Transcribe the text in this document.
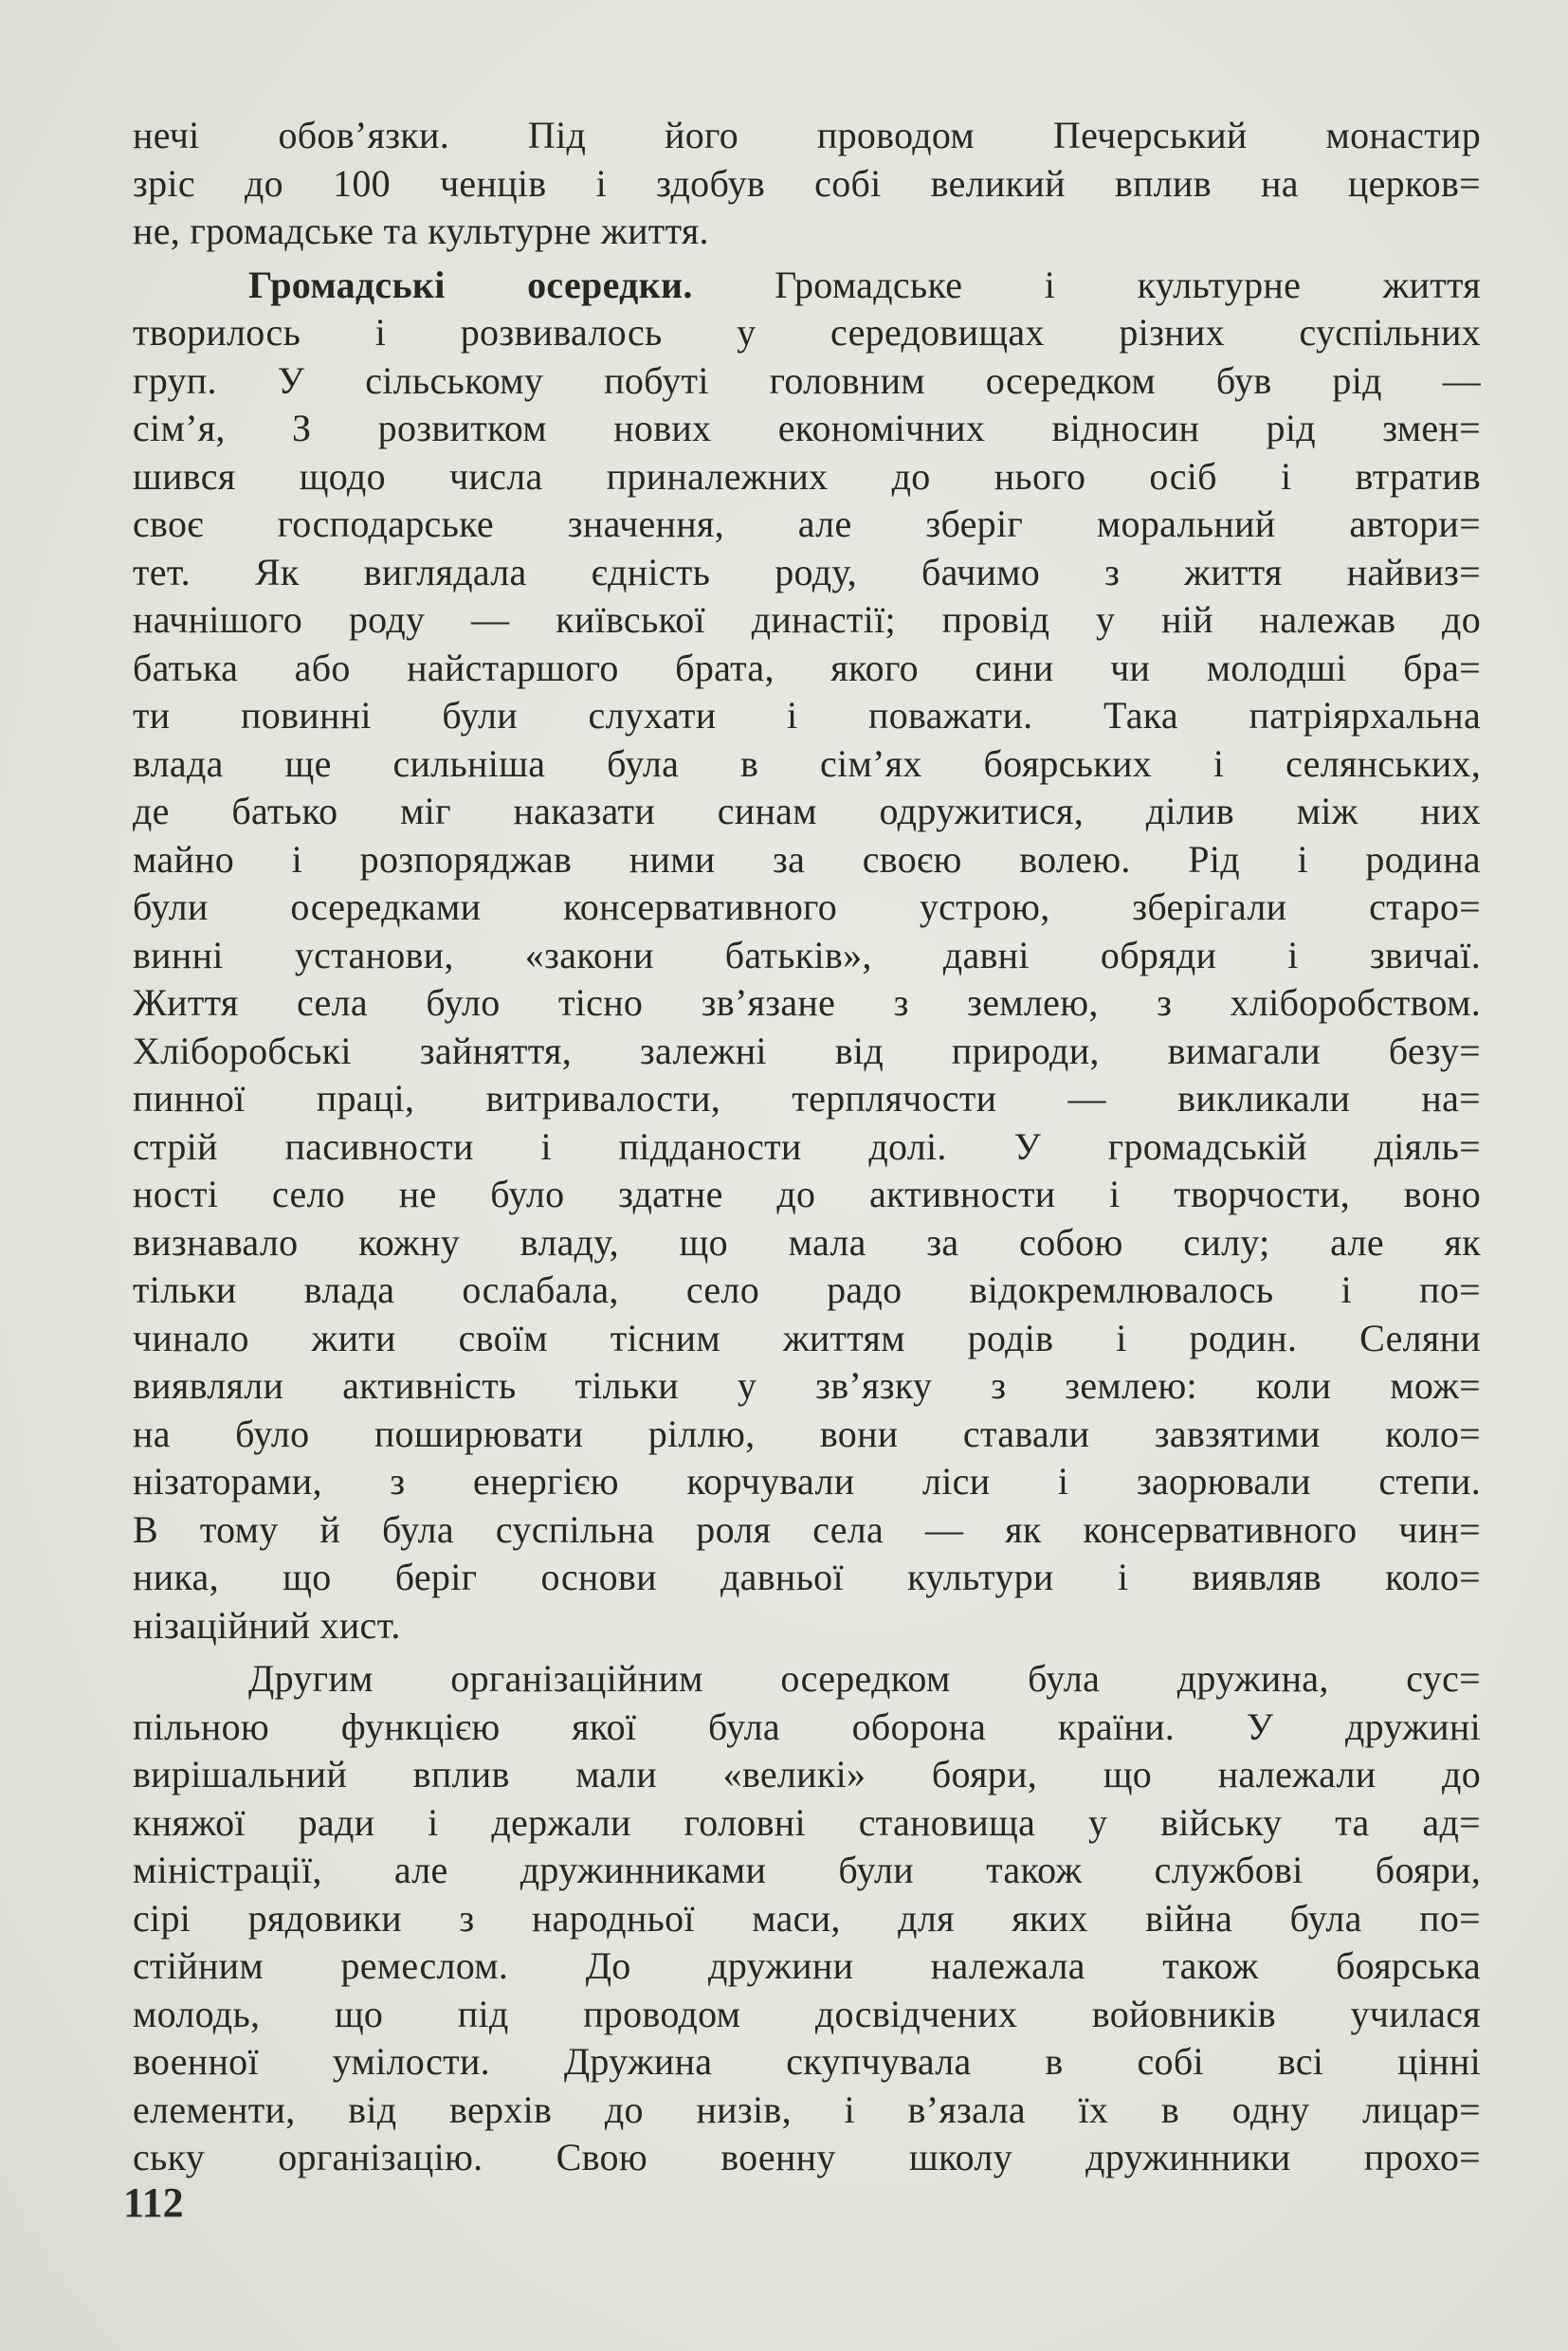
нечі обов’язки. Під його проводом Печерський монастир
зріс до 100 ченців і здобув собі великий вплив на церков=
не, громадське та культурне життя.
Громадські осередки. Громадське і культурне життя
творилось і розвивалось у середовищах різних суспільних
груп. У сільському побуті головним осередком був рід —
сім’я, З розвитком нових економічних відносин рід змен=
шився щодо числа приналежних до нього осіб і втратив
своє господарське значення, але зберіг моральний автори=
тет. Як виглядала єдність роду, бачимо з життя найвиз=
начнішого роду — київської династії; провід у ній належав до
батька або найстаршого брата, якого сини чи молодші бра=
ти повинні були слухати і поважати. Така патріярхальна
влада ще сильніша була в сім’ях боярських і селянських,
де батько міг наказати синам одружитися, ділив між них
майно і розпоряджав ними за своєю волею. Рід і родина
були осередками консервативного устрою, зберігали старо=
винні установи, «закони батьків», давні обряди і звичаї.
Життя села було тісно зв’язане з землею, з хліборобством.
Хліборобські зайняття, залежні від природи, вимагали безу=
пинної праці, витривалости, терплячости — викликали на=
стрій пасивности і підданости долі. У громадській діяль=
ності село не було здатне до активности і творчости, воно
визнавало кожну владу, що мала за собою силу; але як
тільки влада ослабала, село радо відокремлювалось і по=
чинало жити своїм тісним життям родів і родин. Селяни
виявляли активність тільки у зв’язку з землею: коли мож=
на було поширювати ріллю, вони ставали завзятими коло=
нізаторами, з енергією корчували ліси і заорювали степи.
В тому й була суспільна роля села — як консервативного чин=
ника, що беріг основи давньої культури і виявляв коло=
нізаційний хист.
Другим організаційним осередком була дружина, сус=
пільною функцією якої була оборона країни. У дружині
вирішальний вплив мали «великі» бояри, що належали до
княжої ради і держали головні становища у війську та ад=
міністрації, але дружинниками були також службові бояри,
сірі рядовики з народньої маси, для яких війна була по=
стійним ремеслом. До дружини належала також боярська
молодь, що під проводом досвідчених войовників училася
военної умілости. Дружина скупчувала в собі всі цінні
елементи, від верхів до низів, і в’язала їх в одну лицар=
ську організацію. Свою военну школу дружинники прохо=
112
